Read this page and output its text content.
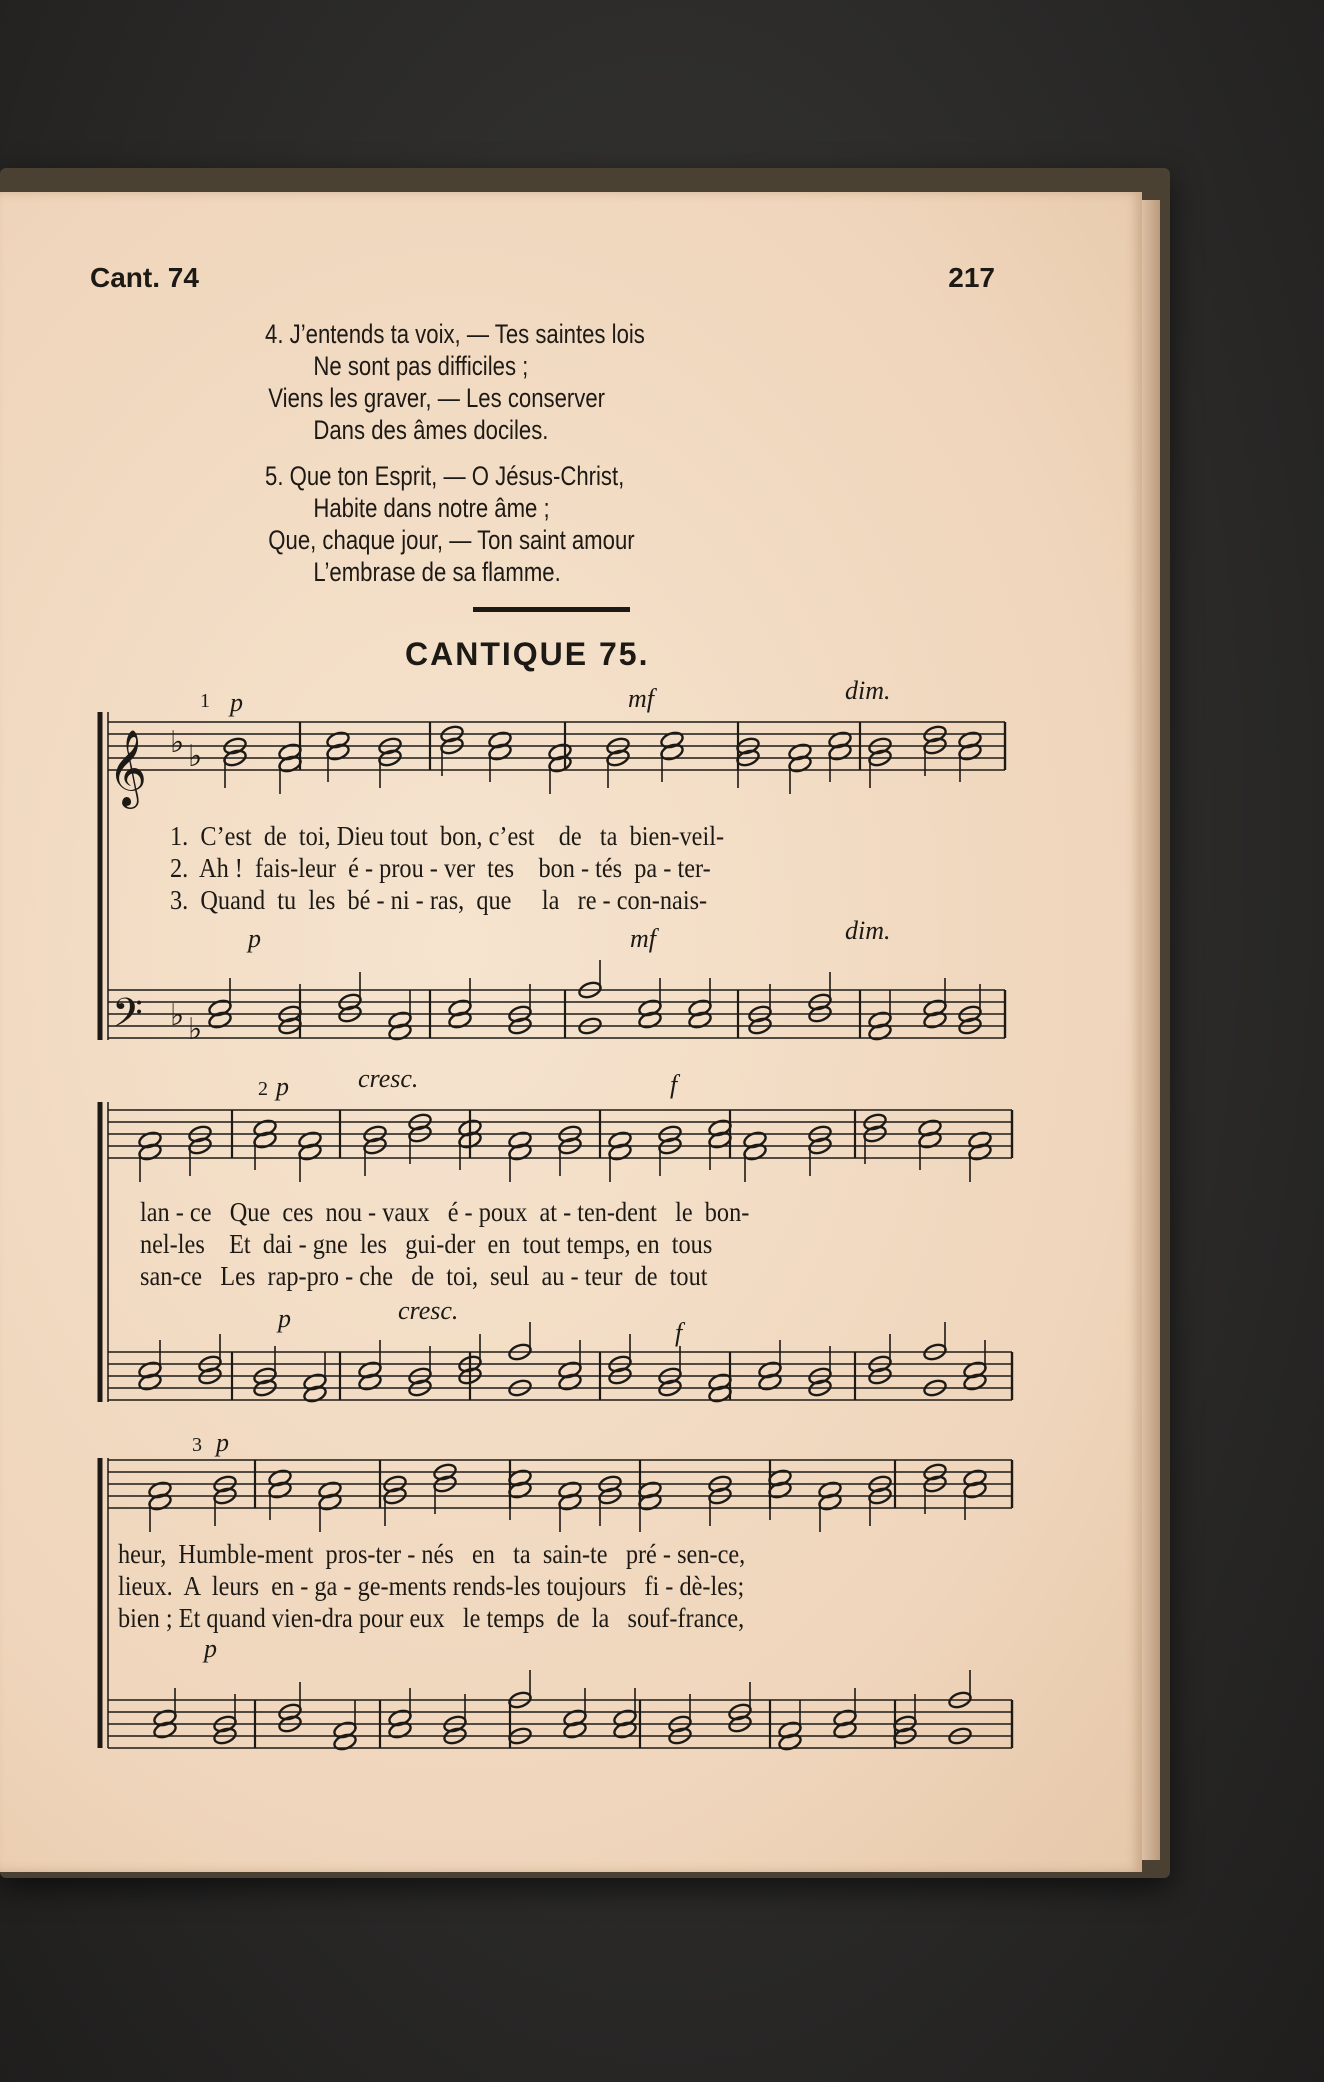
Cant. 74	217
4. J’entends ta voix, — Tes saintes lois
Ne sont pas difficiles ;
Viens les graver, — Les conserver
Dans des âmes dociles.
5. Que ton Esprit, — O Jésus-Christ,
Habite dans notre âme ;
Que, chaque jour, — Ton saint amour
L’embrase de sa flamme.
CANTIQUE 75.
𝄞 ♭ ♭
𝄢 ♭ ♭
1 p	mf	dim.
1.  C’est  de  toi, Dieu tout  bon, c’est    de   ta  bien-veil-
2.  Ah !  fais-leur  é - prou - ver  tes    bon - tés  pa - ter-
3.  Quand  tu  les  bé - ni - ras,  que     la   re - con-nais-
p	mf	dim.
2 p	cresc.	f
lan - ce   Que  ces  nou - vaux   é - poux  at - ten-dent   le  bon-
nel-les    Et  dai - gne  les   gui-der  en  tout temps, en  tous
san-ce   Les  rap-pro - che   de  toi,  seul  au - teur  de  tout
p	cresc.
f
3 p
heur,  Humble-ment  pros-ter - nés   en   ta  sain-te   pré - sen-ce,
lieux.  A  leurs  en - ga - ge-ments rends-les toujours   fi - dè-les;
bien ; Et quand vien-dra pour eux   le temps  de  la   souf-france,
p
